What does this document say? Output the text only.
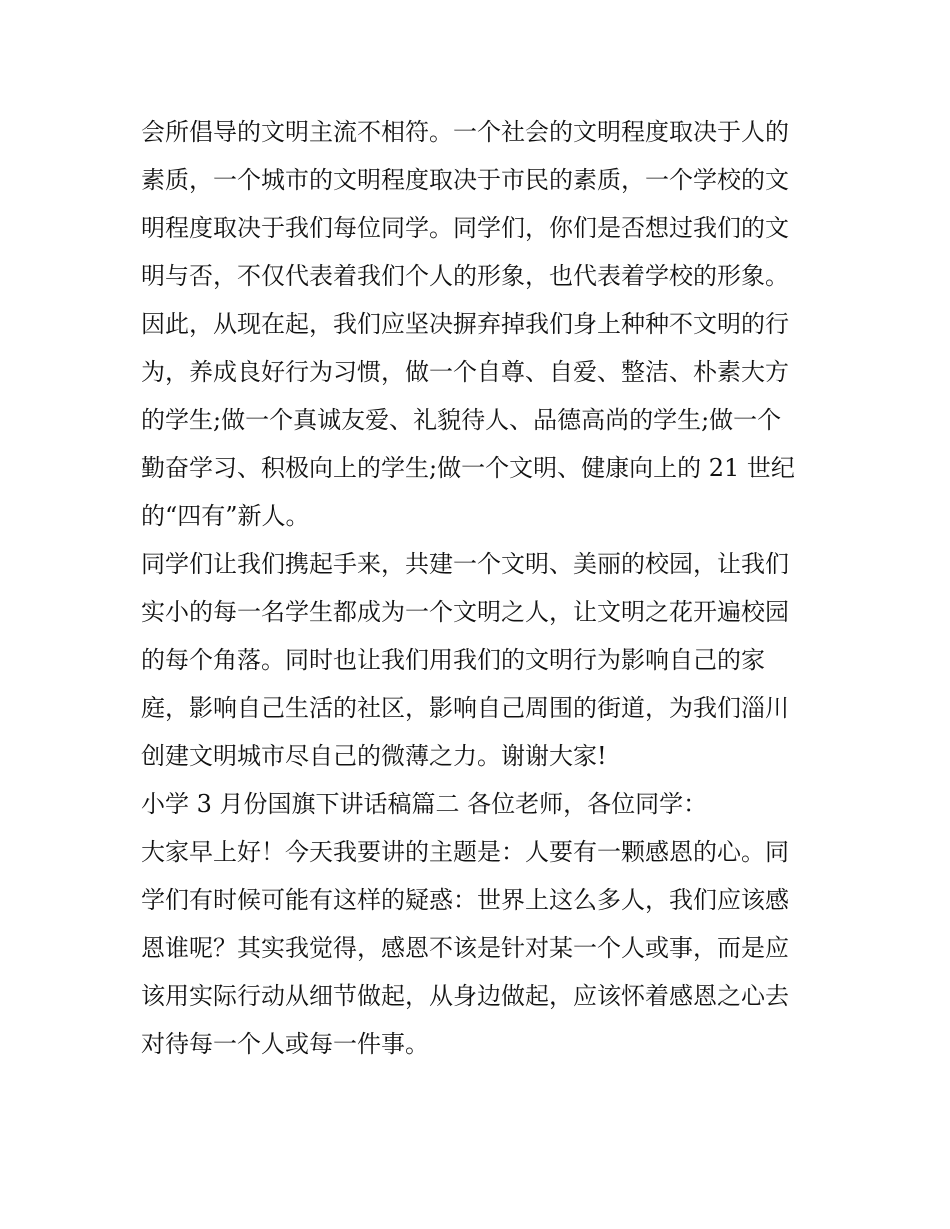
会所倡导的文明主流不相符。一个社会的文明程度取决于人的

素质，一个城市的文明程度取决于市民的素质，一个学校的文

明程度取决于我们每位同学。同学们，你们是否想过我们的文

明与否，不仅代表着我们个人的形象，也代表着学校的形象。

因此，从现在起，我们应坚决摒弃掉我们身上种种不文明的行

为，养成良好行为习惯，做一个自尊、自爱、整洁、朴素大方

的学生;做一个真诚友爱、礼貌待人、品德高尚的学生;做一个

勤奋学习、积极向上的学生;做一个文明、健康向上的 21 世纪

的“四有”新人。

同学们让我们携起手来，共建一个文明、美丽的校园，让我们

实小的每一名学生都成为一个文明之人，让文明之花开遍校园

的每个角落。同时也让我们用我们的文明行为影响自己的家

庭，影响自己生活的社区，影响自己周围的街道，为我们淄川

创建文明城市尽自己的微薄之力。谢谢大家!

小学 3 月份国旗下讲话稿篇二 各位老师，各位同学：

大家早上好！今天我要讲的主题是：人要有一颗感恩的心。同

学们有时候可能有这样的疑惑：世界上这么多人，我们应该感

恩谁呢？其实我觉得，感恩不该是针对某一个人或事，而是应

该用实际行动从细节做起，从身边做起，应该怀着感恩之心去

对待每一个人或每一件事。
